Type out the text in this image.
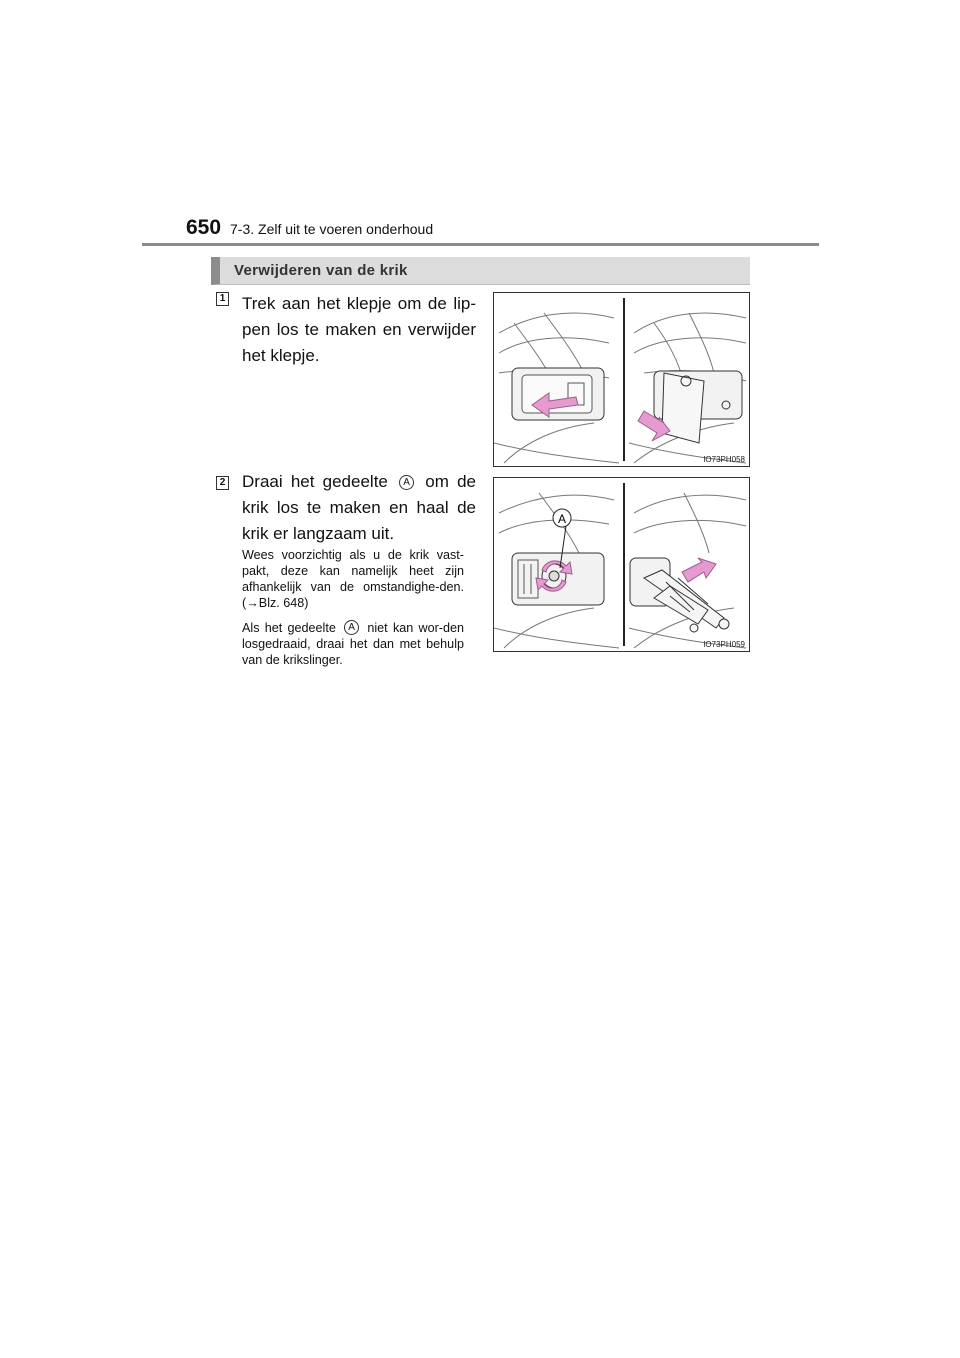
650 7-3. Zelf uit te voeren onderhoud
Verwijderen van de krik
1 Trek aan het klepje om de lip-pen los te maken en verwijder het klepje.
IO73PH058
2 Draai het gedeelte A om de krik los te maken en haal de krik er langzaam uit.
Wees voorzichtig als u de krik vast-pakt, deze kan namelijk heet zijn afhankelijk van de omstandighe-den. (→Blz. 648)
Als het gedeelte A niet kan wor-den losgedraaid, draai het dan met behulp van de krikslinger.
A
IO73PH059
